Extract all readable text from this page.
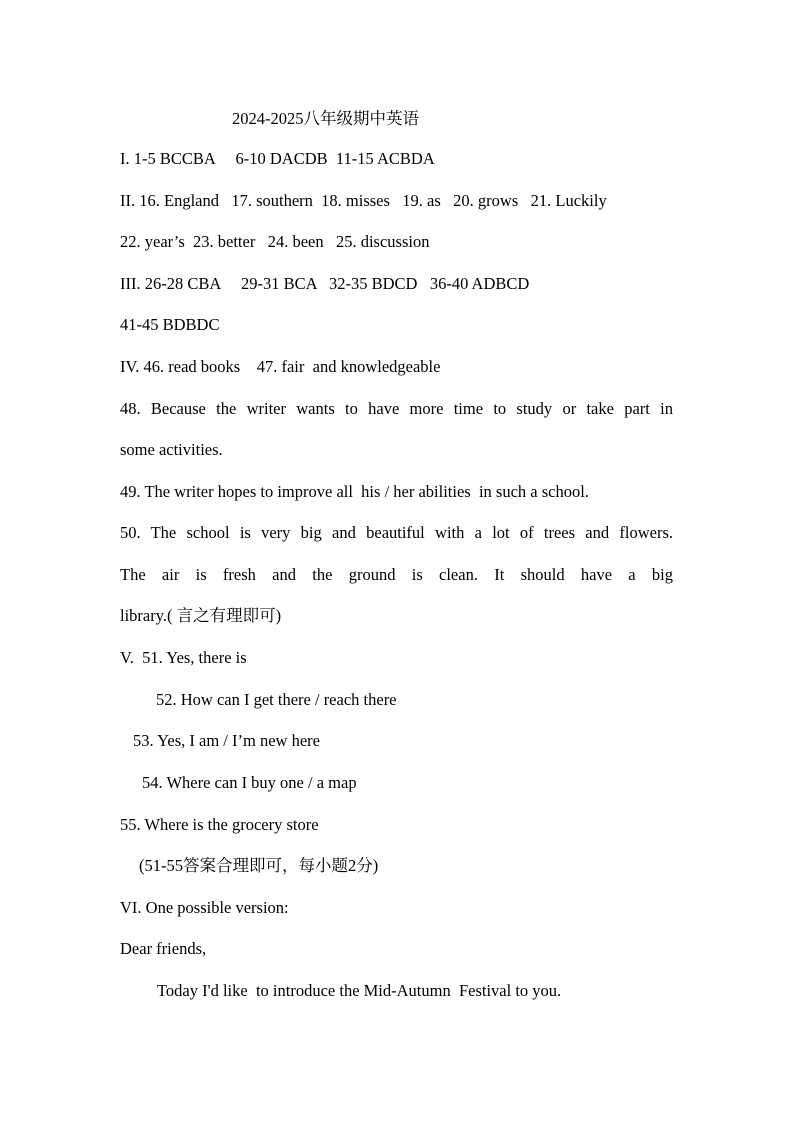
2024-2025八年级期中英语
I. 1-5 BCCBA     6-10 DACDB  11-15 ACBDA
II. 16. England   17. southern  18. misses   19. as   20. grows   21. Luckily
22. year’s  23. better   24. been   25. discussion
III. 26-28 CBA     29-31 BCA   32-35 BDCD   36-40 ADBCD
41-45 BDBDC
IV. 46. read books    47. fair  and knowledgeable
48. Because the writer wants to have more time to study or take part in
some activities.
49. The writer hopes to improve all  his / her abilities  in such a school.
50. The school is very big and beautiful with a lot of trees and flowers.
The air is fresh and the ground is clean. It should have a big
library.( 言之有理即可)
V.  51. Yes, there is
52. How can I get there / reach there
53. Yes, I am / I’m new here
54. Where can I buy one / a map
55. Where is the grocery store
(51-55答案合理即可，每小题2分)
VI. One possible version:
Dear friends,
Today I'd like  to introduce the Mid-Autumn  Festival to you.
